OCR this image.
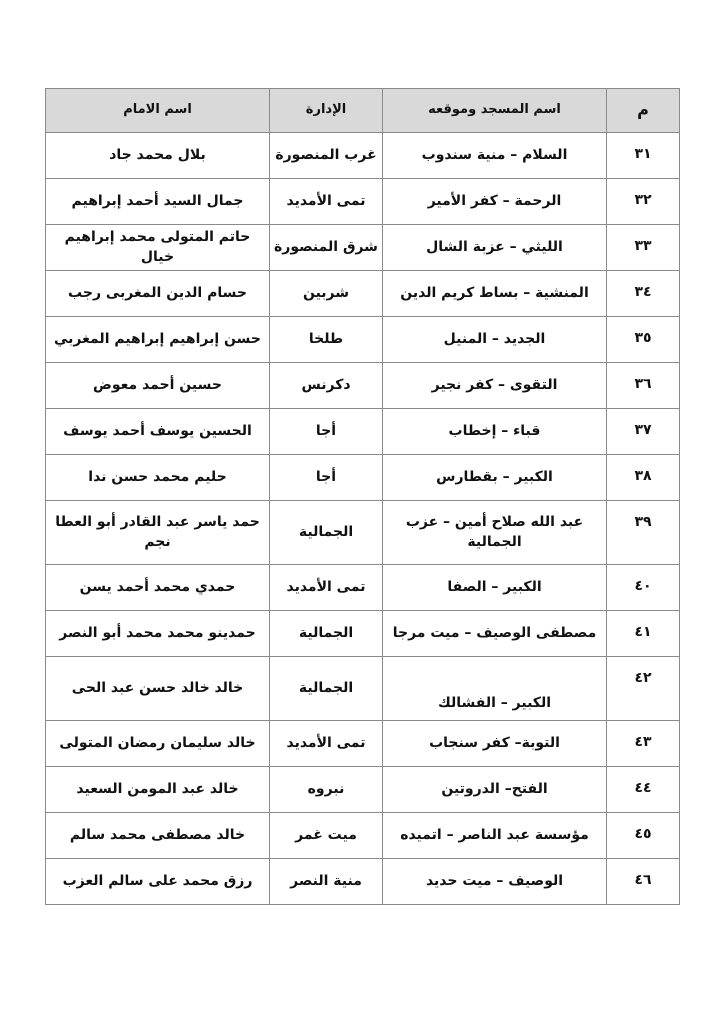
م	اسم المسجد وموقعه	الإدارة	اسم الامام
٣١	السلام – منية سندوب	غرب المنصورة	بلال محمد جاد
٣٢	الرحمة – كفر الأمير	تمى الأمديد	جمال السيد أحمد إبراهيم
٣٣	الليثي – عزبة الشال	شرق المنصورة	حاتم المتولى محمد إبراهيم خيال
٣٤	المنشية – بساط كريم الدين	شربين	حسام الدين المغربى رجب
٣٥	الجديد – المنيل	طلخا	حسن إبراهيم إبراهيم المغربي
٣٦	التقوى – كفر نجير	دكرنس	حسين أحمد معوض
٣٧	قباء – إخطاب	أجا	الحسين يوسف أحمد يوسف
٣٨	الكبير – بقطارس	أجا	حليم محمد حسن ندا
٣٩	عبد الله صلاح أمين – عزب الجمالية	الجمالية	حمد ياسر عبد القادر أبو العطا نجم
٤٠	الكبير – الصفا	تمى الأمديد	حمدي محمد أحمد يسن
٤١	مصطفى الوصيف – ميت مرجا	الجمالية	حمدينو محمد محمد أبو النصر
٤٢	الكبير – الفشالك	الجمالية	خالد خالد حسن عبد الحى
٤٣	التوبة– كفر سنجاب	تمى الأمديد	خالد سليمان رمضان المتولى
٤٤	الفتح– الدروتين	نبروه	خالد عبد المومن السعيد
٤٥	مؤسسة عبد الناصر – اتميده	ميت غمر	خالد مصطفى محمد سالم
٤٦	الوصيف – ميت حديد	منية النصر	رزق محمد على سالم العزب
